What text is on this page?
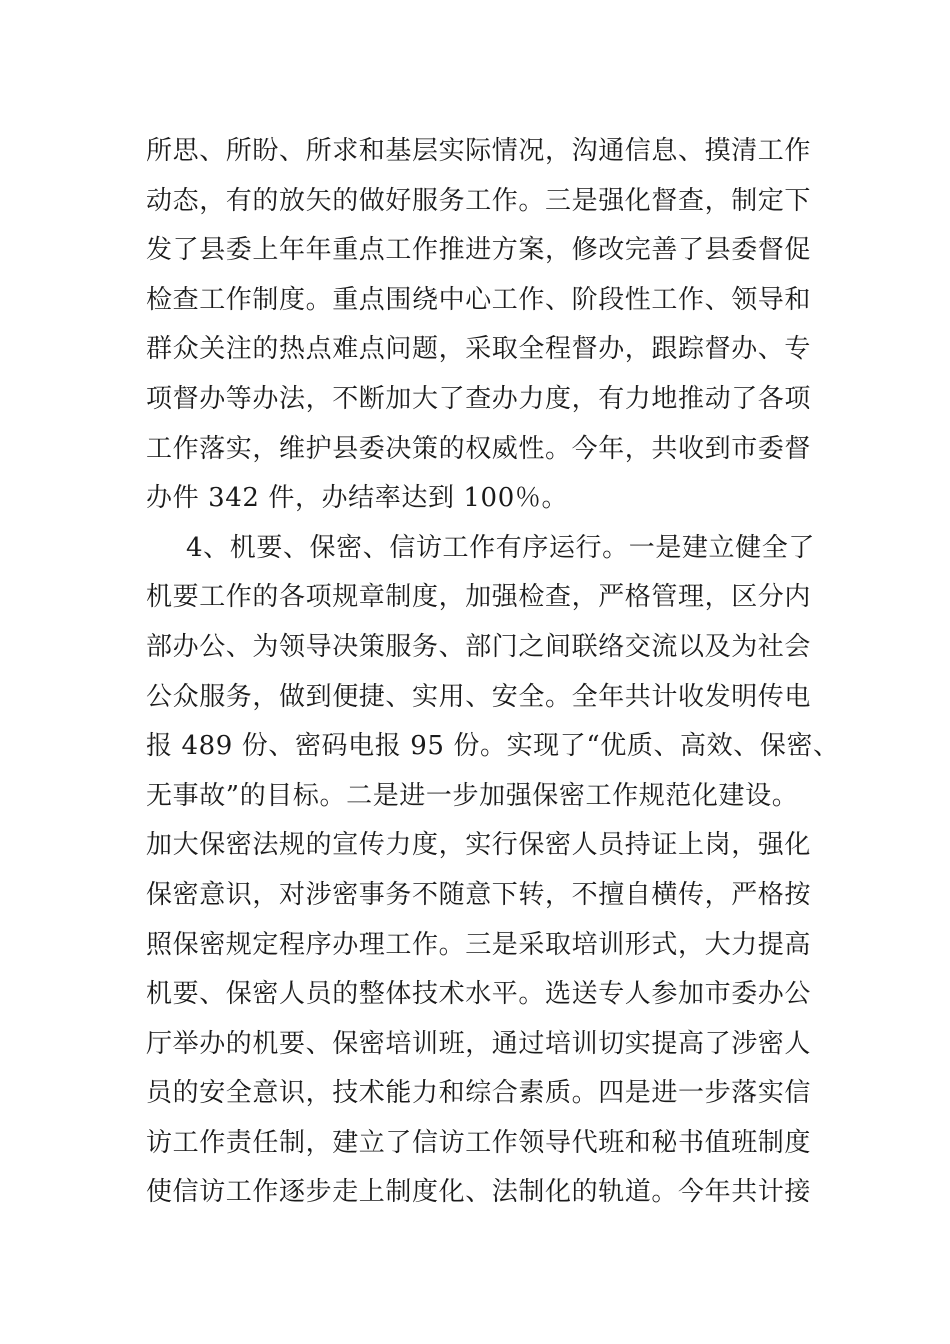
所思、所盼、所求和基层实际情况，沟通信息、摸清工作
动态，有的放矢的做好服务工作。三是强化督查，制定下
发了县委上年年重点工作推进方案，修改完善了县委督促
检查工作制度。重点围绕中心工作、阶段性工作、领导和
群众关注的热点难点问题，采取全程督办，跟踪督办、专
项督办等办法，不断加大了查办力度，有力地推动了各项
工作落实，维护县委决策的权威性。今年，共收到市委督
办件 342 件，办结率达到 100％。
4、机要、保密、信访工作有序运行。一是建立健全了
机要工作的各项规章制度，加强检查，严格管理，区分内
部办公、为领导决策服务、部门之间联络交流以及为社会
公众服务，做到便捷、实用、安全。全年共计收发明传电
报 489 份、密码电报 95 份。实现了“优质、高效、保密、
无事故”的目标。二是进一步加强保密工作规范化建设。
加大保密法规的宣传力度，实行保密人员持证上岗，强化
保密意识，对涉密事务不随意下转，不擅自横传，严格按
照保密规定程序办理工作。三是采取培训形式，大力提高
机要、保密人员的整体技术水平。选送专人参加市委办公
厅举办的机要、保密培训班，通过培训切实提高了涉密人
员的安全意识，技术能力和综合素质。四是进一步落实信
访工作责任制，建立了信访工作领导代班和秘书值班制度
使信访工作逐步走上制度化、法制化的轨道。今年共计接
